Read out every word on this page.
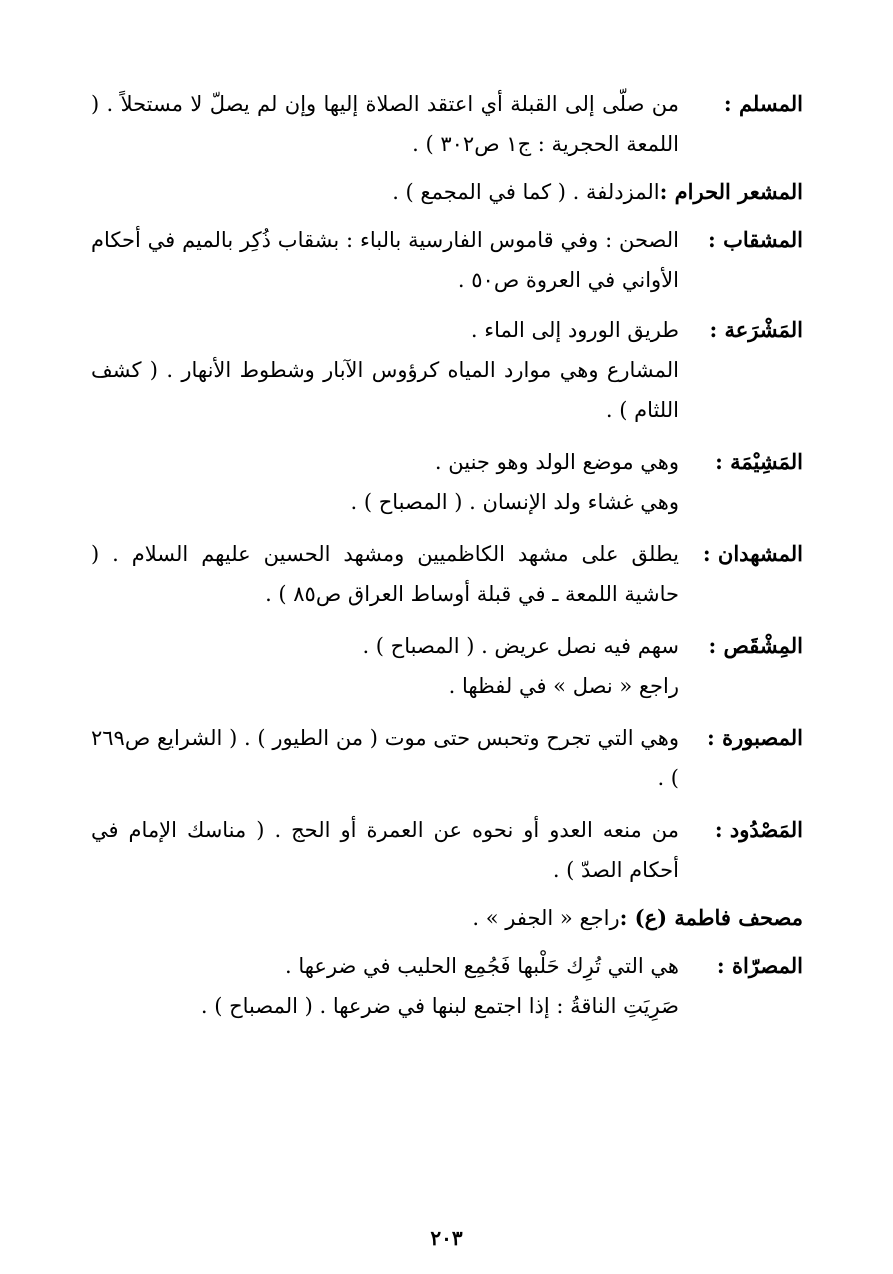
المسلم :

من صلّى إلى القبلة أي اعتقد الصلاة إليها وإن لم يصلّ لا مستحلاً . ( اللمعة الحجرية : ج١ ص٣٠٢ ) .

المشعر الحرام :

المزدلفة . ( كما في المجمع ) .

المشقاب :

الصحن : وفي قاموس الفارسية بالباء : بشقاب ذُكِر بالميم في أحكام الأواني في العروة ص٥٠ .

المَشْرَعة :

طريق الورود إلى الماء .

المشارع وهي موارد المياه كرؤوس الآبار وشطوط الأنهار . ( كشف اللثام ) .

المَشِيْمَة :

وهي موضع الولد وهو جنين .

وهي غشاء ولد الإنسان . ( المصباح ) .

المشهدان :

يطلق على مشهد الكاظميين ومشهد الحسين عليهم السلام . ( حاشية اللمعة ـ في قبلة أوساط العراق ص٨٥ ) .

المِشْقَص :

سهم فيه نصل عريض . ( المصباح ) .

راجع « نصل » في لفظها .

المصبورة :

وهي التي تجرح وتحبس حتى موت ( من الطيور ) . ( الشرايع ص٢٦٩ ) .

المَصْدُود :

من منعه العدو أو نحوه عن العمرة أو الحج . ( مناسك الإمام في أحكام الصدّ ) .

مصحف فاطمة (ع) :

راجع « الجفر » .

المصرّاة :

هي التي تُرِك حَلْبها فَجُمِع الحليب في ضرعها .

صَرِيَتِ الناقةُ : إذا اجتمع لبنها في ضرعها . ( المصباح ) .

٢٠٣
